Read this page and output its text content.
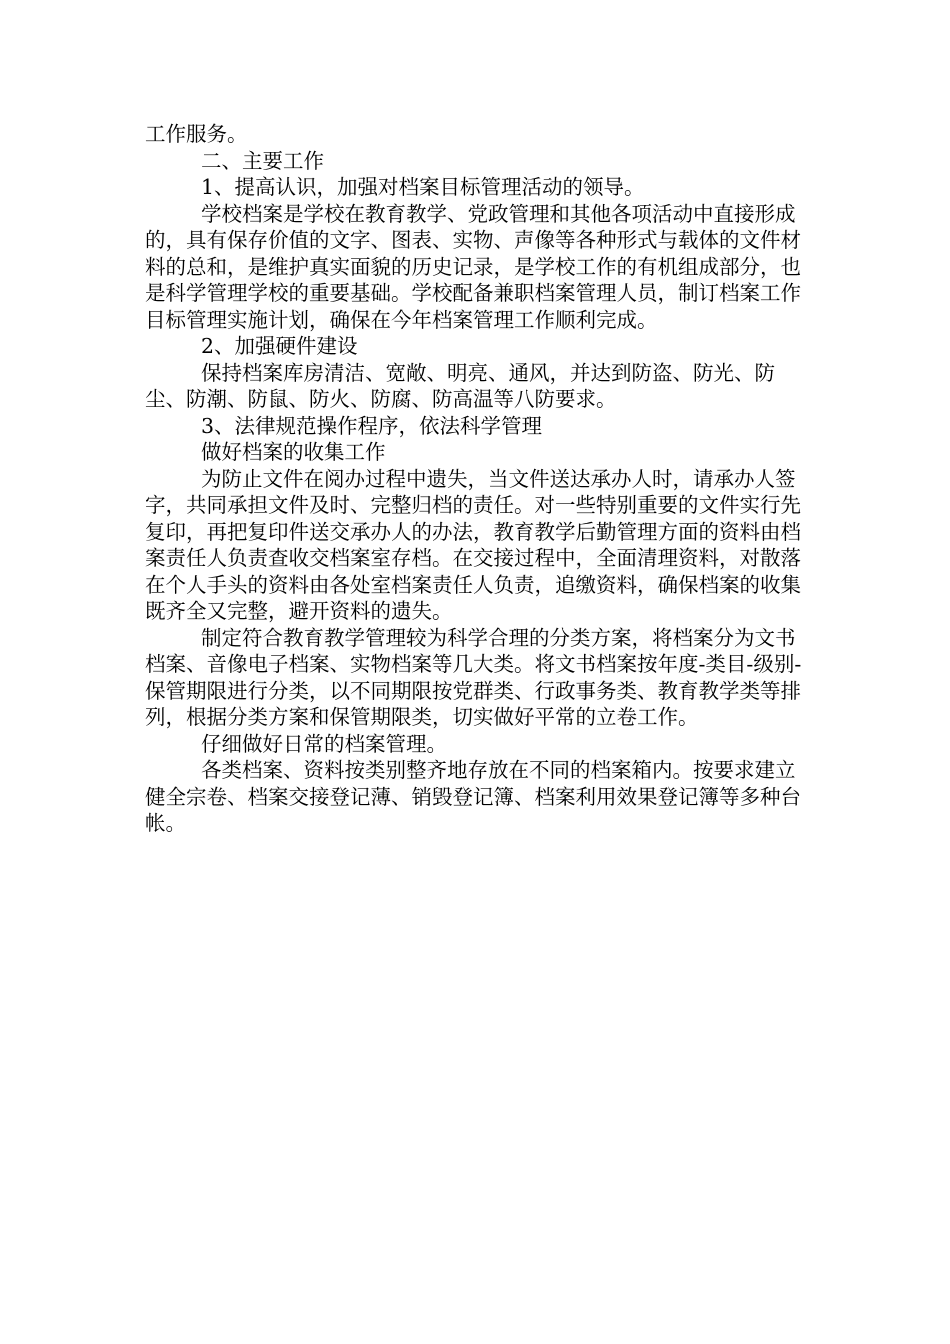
工作服务。

二、主要工作

1、提高认识，加强对档案目标管理活动的领导。

学校档案是学校在教育教学、党政管理和其他各项活动中直接形成的，具有保存价值的文字、图表、实物、声像等各种形式与载体的文件材料的总和，是维护真实面貌的历史记录，是学校工作的有机组成部分，也是科学管理学校的重要基础。学校配备兼职档案管理人员，制订档案工作目标管理实施计划，确保在今年档案管理工作顺利完成。

2、加强硬件建设

保持档案库房清洁、宽敞、明亮、通风，并达到防盗、防光、防尘、防潮、防鼠、防火、防腐、防高温等八防要求。

3、法律规范操作程序，依法科学管理

做好档案的收集工作

为防止文件在阅办过程中遗失，当文件送达承办人时，请承办人签字，共同承担文件及时、完整归档的责任。对一些特别重要的文件实行先复印，再把复印件送交承办人的办法，教育教学后勤管理方面的资料由档案责任人负责查收交档案室存档。在交接过程中，全面清理资料，对散落在个人手头的资料由各处室档案责任人负责，追缴资料，确保档案的收集既齐全又完整，避开资料的遗失。

制定符合教育教学管理较为科学合理的分类方案，将档案分为文书档案、音像电子档案、实物档案等几大类。将文书档案按年度-类目-级别-保管期限进行分类，以不同期限按党群类、行政事务类、教育教学类等排列，根据分类方案和保管期限类，切实做好平常的立卷工作。

仔细做好日常的档案管理。

各类档案、资料按类别整齐地存放在不同的档案箱内。按要求建立健全宗卷、档案交接登记薄、销毁登记簿、档案利用效果登记簿等多种台帐。
